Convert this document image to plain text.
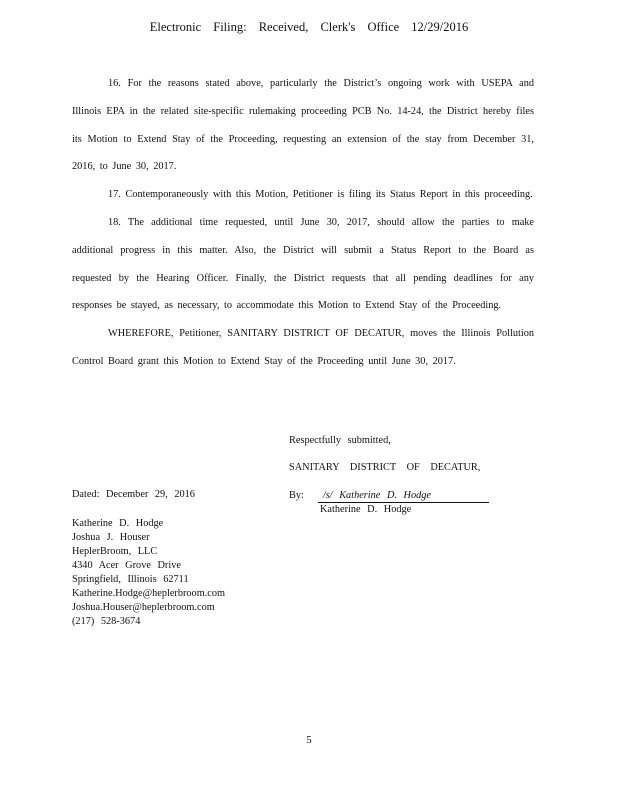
Electronic Filing: Received, Clerk's Office 12/29/2016

16. For the reasons stated above, particularly the District’s ongoing work with USEPA and Illinois EPA in the related site-specific rulemaking proceeding PCB No. 14-24, the District hereby files its Motion to Extend Stay of the Proceeding, requesting an extension of the stay from December 31, 2016, to June 30, 2017.

17. Contemporaneously with this Motion, Petitioner is filing its Status Report in this proceeding.

18. The additional time requested, until June 30, 2017, should allow the parties to make additional progress in this matter. Also, the District will submit a Status Report to the Board as requested by the Hearing Officer. Finally, the District requests that all pending deadlines for any responses be stayed, as necessary, to accommodate this Motion to Extend Stay of the Proceeding.

WHEREFORE, Petitioner, SANITARY DISTRICT OF DECATUR, moves the Illinois Pollution Control Board grant this Motion to Extend Stay of the Proceeding until June 30, 2017.

Respectfully submitted,
SANITARY DISTRICT OF DECATUR,
Dated: December 29, 2016	By: /s/ Katherine D. Hodge
Katherine D. Hodge
Katherine D. Hodge
Joshua J. Houser
HeplerBroom, LLC
4340 Acer Grove Drive
Springfield, Illinois 62711
Katherine.Hodge@heplerbroom.com
Joshua.Houser@heplerbroom.com
(217) 528-3674
5
